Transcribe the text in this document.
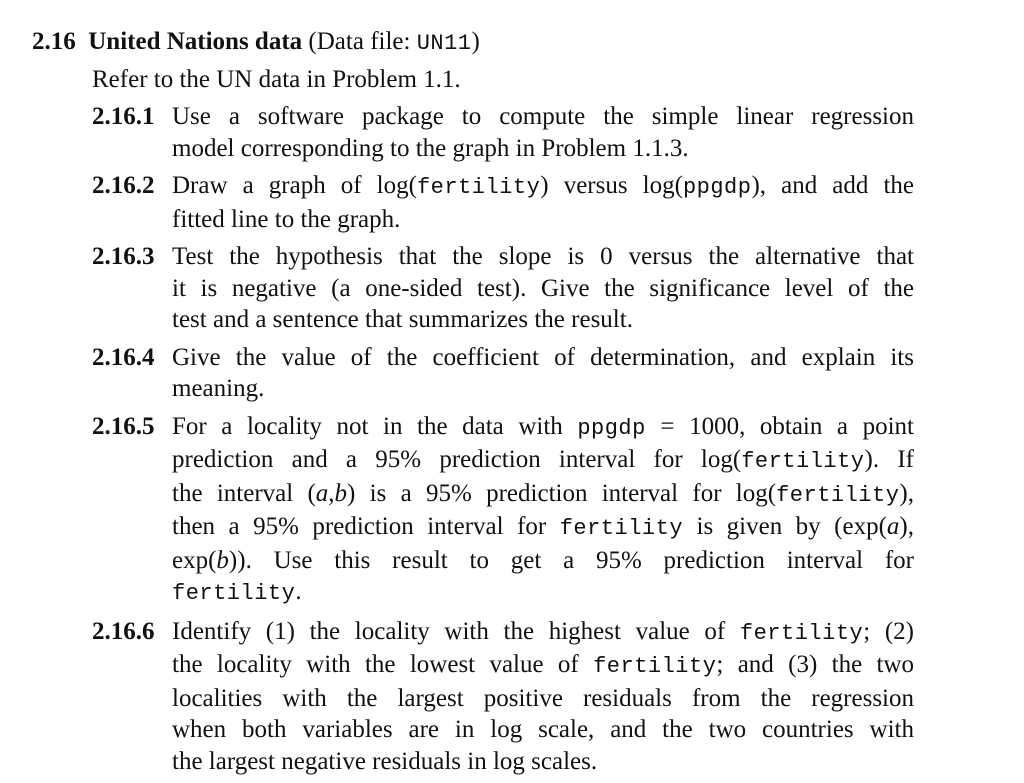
2.16 United Nations data (Data file: UN11)
Refer to the UN data in Problem 1.1.
2.16.1 Use a software package to compute the simple linear regression
model corresponding to the graph in Problem 1.1.3.
2.16.2 Draw a graph of log(fertility) versus log(ppgdp), and add the
fitted line to the graph.
2.16.3 Test the hypothesis that the slope is 0 versus the alternative that
it is negative (a one-sided test). Give the significance level of the
test and a sentence that summarizes the result.
2.16.4 Give the value of the coefficient of determination, and explain its
meaning.
2.16.5 For a locality not in the data with ppgdp = 1000, obtain a point
prediction and a 95% prediction interval for log(fertility). If
the interval (a,b) is a 95% prediction interval for log(fertility),
then a 95% prediction interval for fertility is given by (exp(a),
exp(b)). Use this result to get a 95% prediction interval for
fertility.
2.16.6 Identify (1) the locality with the highest value of fertility; (2)
the locality with the lowest value of fertility; and (3) the two
localities with the largest positive residuals from the regression
when both variables are in log scale, and the two countries with
the largest negative residuals in log scales.
